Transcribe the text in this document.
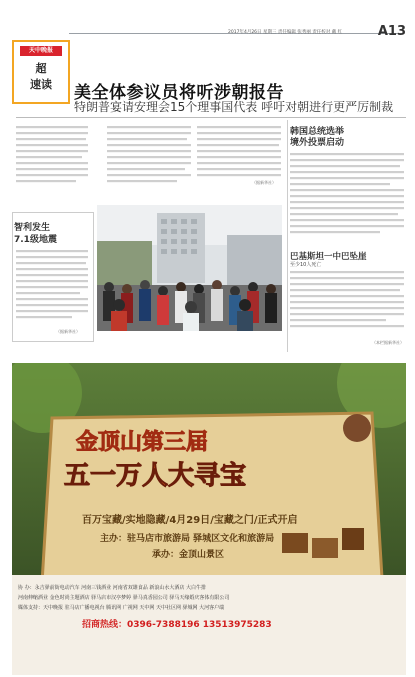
2017年4月26日 星期三 责任编辑 张秀丽 责任校对 戴 红	A13
天中晚报
超
速读	美全体参议员将听涉朝报告
特朗普宴请安理会15个理事国代表 呼吁对朝进行更严厉制裁
（据新华社）
韩国总统选举
境外投票启动
巴基斯坦一中巴坠崖
至少10人死亡
（本栏据新华社）
智利发生
7.1级地震
（据新华社）
金顶山第三届
五一万人大寻宝
百万宝藏/实地隐藏/4月29日/宝藏之门/正式开启
主办：驻马店市旅游局 驿城区文化和旅游局
承办：金顶山景区
协 办：永吉驿前街电动汽车 河南三钱酒业 河南省双雄食品 新浪山水大酒店 大白牛排
河南伸缩酒业 金色时尚主题酒店 驿马店市汉亭梦婷 驿马真香园公司 驿马天缘婚庆客体有限公司
媒体支持：天中晚报 驻马店广播电视台 腾讯网 广视网 天中网 天中社区网 驿城网 大河客户端
招商热线：0396-7388196 13513975283
